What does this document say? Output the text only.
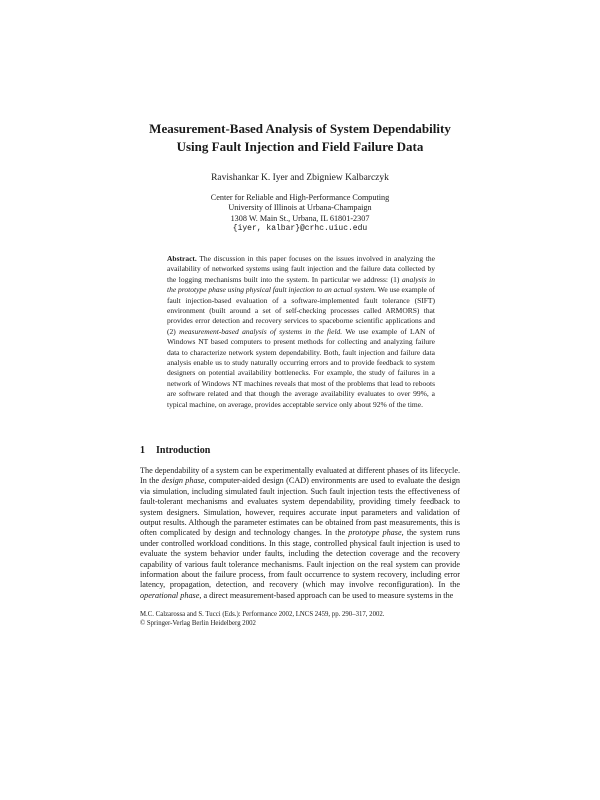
Measurement-Based Analysis of System Dependability
Using Fault Injection and Field Failure Data
Ravishankar K. Iyer and Zbigniew Kalbarczyk
Center for Reliable and High-Performance Computing
University of Illinois at Urbana-Champaign
1308 W. Main St., Urbana, IL 61801-2307
{iyer, kalbar}@crhc.uiuc.edu
Abstract. The discussion in this paper focuses on the issues involved in analyzing the availability of networked systems using fault injection and the failure data collected by the logging mechanisms built into the system. In particular we address: (1) analysis in the prototype phase using physical fault injection to an actual system. We use example of fault injection-based evaluation of a software-implemented fault tolerance (SIFT) environment (built around a set of self-checking processes called ARMORS) that provides error detection and recovery services to spaceborne scientific applications and (2) measurement-based analysis of systems in the field. We use example of LAN of Windows NT based computers to present methods for collecting and analyzing failure data to characterize network system dependability. Both, fault injection and failure data analysis enable us to study naturally occurring errors and to provide feedback to system designers on potential availability bottlenecks. For example, the study of failures in a network of Windows NT machines reveals that most of the problems that lead to reboots are software related and that though the average availability evaluates to over 99%, a typical machine, on average, provides acceptable service only about 92% of the time.
1 Introduction
The dependability of a system can be experimentally evaluated at different phases of its lifecycle. In the design phase, computer-aided design (CAD) environments are used to evaluate the design via simulation, including simulated fault injection. Such fault injection tests the effectiveness of fault-tolerant mechanisms and evaluates system dependability, providing timely feedback to system designers. Simulation, however, requires accurate input parameters and validation of output results. Although the parameter estimates can be obtained from past measurements, this is often complicated by design and technology changes. In the prototype phase, the system runs under controlled workload conditions. In this stage, controlled physical fault injection is used to evaluate the system behavior under faults, including the detection coverage and the recovery capability of various fault tolerance mechanisms. Fault injection on the real system can provide information about the failure process, from fault occurrence to system recovery, including error latency, propagation, detection, and recovery (which may involve reconfiguration). In the operational phase, a direct measurement-based approach can be used to measure systems in the
M.C. Calzarossa and S. Tucci (Eds.): Performance 2002, LNCS 2459, pp. 290–317, 2002.
© Springer-Verlag Berlin Heidelberg 2002
